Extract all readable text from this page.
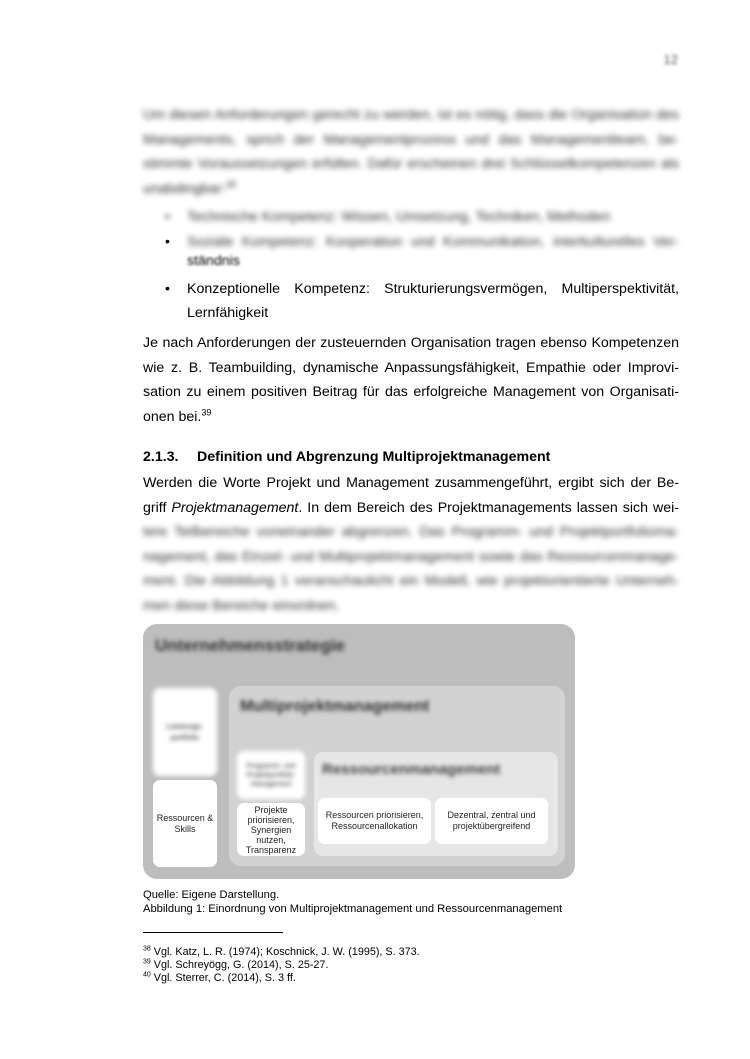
12
Um diesen Anforderungen gerecht zu werden, ist es nötig, dass die Organisation des
Managements, sprich der Managementprozess und das Managementteam, be-
stimmte Voraussetzungen erfüllen. Dafür erscheinen drei Schlüsselkompetenzen als
unabdingbar:$^{38}$
• Technische Kompetenz: Wissen, Umsetzung, Techniken, Methoden
• Soziale Kompetenz: Kooperation und Kommunikation, interkulturelles Ver-
ständnis
• Konzeptionelle Kompetenz: Strukturierungsvermögen, Multiperspektivität,
Lernfähigkeit
Je nach Anforderungen der zusteuernden Organisation tragen ebenso Kompetenzen
wie z. B. Teambuilding, dynamische Anpassungsfähigkeit, Empathie oder Improvi-
sation zu einem positiven Beitrag für das erfolgreiche Management von Organisati-
onen bei.$^{39}$
2.1.3. Definition und Abgrenzung Multiprojektmanagement
Werden die Worte Projekt und Management zusammengeführt, ergibt sich der Be-
griff Projektmanagement. In dem Bereich des Projektmanagements lassen sich wei-
tere Teilbereiche voneinander abgrenzen. Das Programm- und Projektportfolioma-
nagement, das Einzel- und Multiprojektmanagement sowie das Ressourcenmanage-
ment. Die Abbildung 1 veranschaulicht ein Modell, wie projektorientierte Unterneh-
men diese Bereiche einordnen.
Unternehmensstrategie
Leistungs-
portfolio
Ressourcen &
Skills
Multiprojektmanagement
Programm- und
Projektportfolio-
management
Projekte
priorisieren,
Synergien
nutzen,
Transparenz
Ressourcenmanagement
Ressourcen priorisieren,
Ressourcenallokation
Dezentral, zentral und
projektübergreifend
Quelle: Eigene Darstellung.
Abbildung 1: Einordnung von Multiprojektmanagement und Ressourcenmanagement
$^{38}$ Vgl. Katz, L. R. (1974); Koschnick, J. W. (1995), S. 373.
$^{39}$ Vgl. Schreyögg, G. (2014), S. 25-27.
$^{40}$ Vgl. Sterrer, C. (2014), S. 3 ff.
